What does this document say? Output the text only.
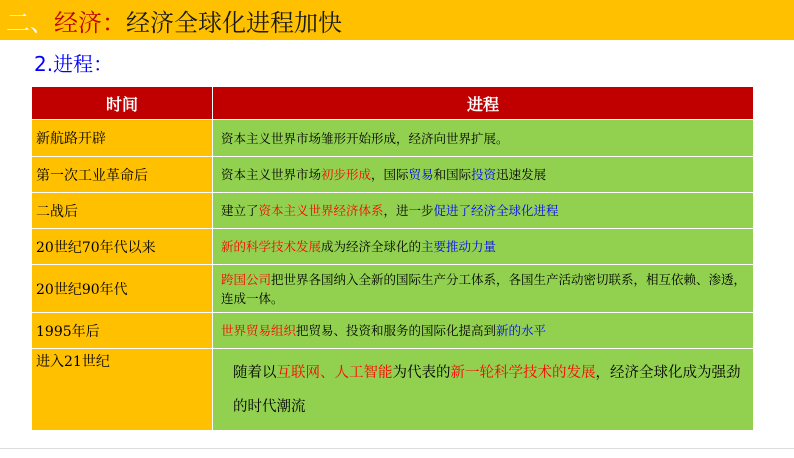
二、 经济： 经济全球化进程加快
2.进程：
时间	进程
新航路开辟	资本主义世界市场雏形开始形成，经济向世界扩展。
第一次工业革命后	资本主义世界市场初步形成，国际贸易和国际投资迅速发展
二战后	建立了资本主义世界经济体系，进一步促进了经济全球化进程
20世纪70年代以来	新的科学技术发展成为经济全球化的主要推动力量
20世纪90年代	跨国公司把世界各国纳入全新的国际生产分工体系，各国生产活动密切联系，相互依赖、渗透，连成一体。
1995年后	世界贸易组织把贸易、投资和服务的国际化提高到新的水平
进入21世纪	随着以互联网、人工智能为代表的新一轮科学技术的发展，经济全球化成为强劲的时代潮流
